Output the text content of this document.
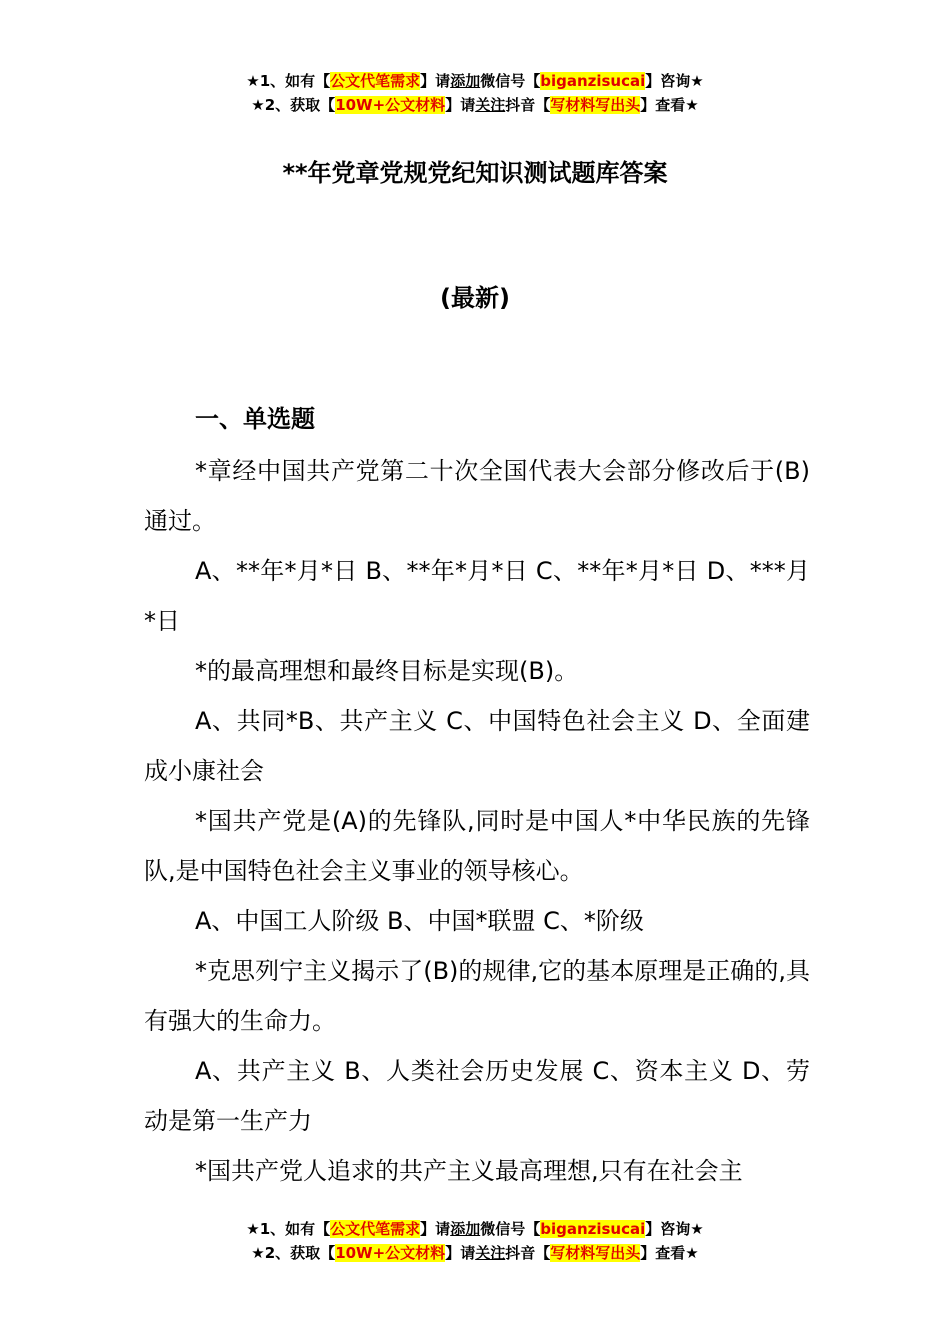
★1、如有【公文代笔需求】请添加微信号【biganzisucai】咨询★
★2、获取【10W+公文材料】请关注抖音【写材料写出头】查看★
**年党章党规党纪知识测试题库答案
(最新)
一、单选题

*章经中国共产党第二十次全国代表大会部分修改后于(B)通过。

A、**年*月*日 B、**年*月*日 C、**年*月*日 D、***月*日

*的最高理想和最终目标是实现(B)。

A、共同*B、共产主义 C、中国特色社会主义 D、全面建成小康社会

*国共产党是(A)的先锋队,同时是中国人*中华民族的先锋队,是中国特色社会主义事业的领导核心。

A、中国工人阶级 B、中国*联盟 C、*阶级

*克思列宁主义揭示了(B)的规律,它的基本原理是正确的,具有强大的生命力。

A、共产主义 B、人类社会历史发展 C、资本主义 D、劳动是第一生产力

*国共产党人追求的共产主义最高理想,只有在社会主

★1、如有【公文代笔需求】请添加微信号【biganzisucai】咨询★
★2、获取【10W+公文材料】请关注抖音【写材料写出头】查看★
